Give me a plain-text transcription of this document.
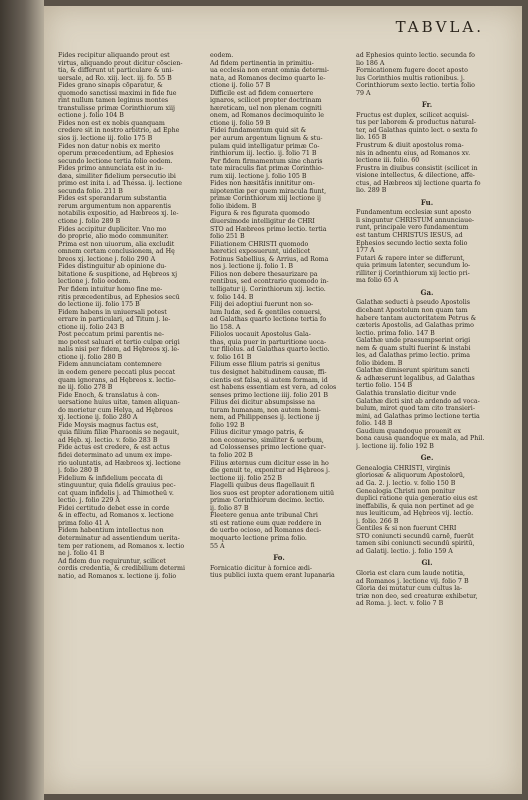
TABVLA.
Fides recipitur aliquando prout est
virtus, aliquando prout dicitur cõscien-
tia, & differunt ut particulare & uni-
uersale, ad Ro. xiij. lect. iij. fo. 55 B
Fides grano sinapis cõparatur, &
quomodo sanctissi maximi in fide fue
rint nullum tamen legimus montes
transtulisse primæ Corinthiorum xiij
ectione j. folio 104 B
Fides non est ex nobis quanquam
credere sit in nostro arbitrio, ad Ephe
sios ij. lectione iij. folio 175 B
Fides non datur nobis ex merito
operum præcedentium, ad Ephesios
secundo lectione tertia folio eodem.
Fides primo annunciata est in iu-
dæa, similiter fidelium persecutio ibi
primo est inita i. ad Thessa. ij. lectione
secunda folio. 211 B
Fides est sperandarum substantia
rerum argumentum non apparentis
notabilis expositio, ad Hæbreos xj. le-
ctione j. folio 289 B
Fides accipitur dupliciter. Vno mo
do proprie, alio modo communiter.
Prima est non uiuorum, alia excludit
omnem certam conclusionem, ad Hę
breos xj. lectione j. folio 290 A
Fides distinguitur ab opinione du-
bitatione & suspitione, ad Hębreos xj
lectione j. folio eodem.
Per fidem intuitur homo fine me-
ritis præcedentibus, ad Ephesios secū
do lectione iij. folio 175 B
Fidem habens in uniuersali potest
errare in particulari, ad Titum j. le-
ctione iij. folio 243 B
Post peccatum primi parentis ne-
mo potest saluari et tertio culpæ origi
nalis nisi per fidem, ad Hębreos xj. le-
ctione ij. folio 280 B
Fidem annunciatam contemnere
in eodem genere peccati plus peccat
quam ignorans, ad Hębreos x. lectio-
ne iij. folio 278 B
Fide Enoch, & translatus à con-
uersatione huius uitæ, tamen aliquan-
do morietur cum Helya, ad Hębreos
xj. lectione ij. folio 280 A
Fide Moysis magnus factus est,
quia filium filiæ Pharaonis se negauit,
ad Hęb. xj. lectio. v. folio 283 B
Fide actus est credere, & est actus
fidei determinato ad unum ex impe-
rio uoluntatis, ad Hæbreos xj. lectione
j. folio 280 B
Fidelium & infidelium peccata di
stinguuntur, quia fidelis grauius pec-
cat quam infidelis j. ad Thimotheū v.
lectio. j. folio 229 A
Fidei certitudo debet esse in corde
& in effectu, ad Romanos x. lectione
prima folio 41 A
Fidem habentium intellectus non
determinatur ad assentiendum uerita-
tem per rationem, ad Romanos x. lectio
ne j. folio 41 B
Ad fidem duo requiruntur, scilicet
cordis credentia, & credibilium determi
natio, ad Romanos x. lectione ij. folio
eodem.
Ad fidem pertinentia in primitiu-
ua ecclesia non erant omnia determi-
nata, ad Romanos decimo quarto le-
ctione ij. folio 57 B
Difficile est ad fidem conuertere
ignaros, scilicet propter doctrinam
hæreticam, uel non plenam cogniti
onem, ad Romanos decimoquinto le
ctione ij. folio 59 B
Fidei fundamentum quid sit &
per aurum argentum lignum & stu-
pulam quid intelligatur primæ Co-
rinthiorum iij. lectio. ij. folio 71 B
Per fidem firmamentum sine charis
tate miraculis fiat primæ Corinthio-
rum xiij. lectione j. folio 105 B
Fides non hæsitātis innititur om-
nipotentiæ per quem miracula fiunt,
primæ Corinthiorum xiij lectione ij
folio ibidem. B
Figura & res figurata quomodo
diuersimode intelligitur de CHRI
STO ad Hæbreos primo lectio. tertia
folio 251 B
Filiationem CHRISTI quomodo
hæretici exposuerunt, uidelicet
Fotinus Sabellius, & Arrius, ad Roma
nos j. lectione ij. folio 1. B
Filios non debere thesaurizare pa
rentibus, sed econtrario quomodo in-
telligatur ij. Corinthiorum xij. lectio.
v. folio 144. B
Filij dei adoptiui fuerunt non so-
lum Iudæ, sed & gentiles conuersi,
ad Galathas quarto lectione tertia fo
lio 158. A
Filiolos uocauit Apostolus Gala-
thas, quia puer in parturitione uoca-
tur filiolus. ad Galathas quarto lectio.
v. folio 161 B
Filium esse filium patris si genitus
tus designet habitudinem causæ, ffi-
cientis est falsa, si autem formam, id
est habens essentiam est vera, ad colos
senses primo lectione iiij. folio 201 B
Filius dei dicitur absumpsisse na
turam humanam, non autem homi-
nem, ad Philippenses ij. lectione ij
folio 192 B
Filius dicitur ymago patris, &
non econuerso, similiter & uerbum,
ad Colossenses primo lectione quar-
ta folio 202 B
Filius æternus cum dicitur esse in ho
die genuit te, exponitur ad Hębreos j.
lectione iij. folio 252 B
Flagelli quibus deus flagellauit fi
lios suos est propter adorationem uitiū
primæ Corinthiorum decimo. lectio.
ij. folio 87 B
Fleetere genua ante tribunal Chri
sti est ratione eum quæ reddere in
de uerbo ocioso, ad Romanos deci-
moquarto lectione prima folio.
55 A
Fo.
Fornicatio dicitur à fornice ædi-
tius publici iuxta quem erant lupanaria
ad Ephesios quinto lectio. secunda fo
lio 186 A
Fornicationem fugere docet aposto
lus Corinthios multis rationibus. j.
Corinthiorum sexto lectio. tertia folio
79 A
Fr.
Fructus est duplex, scilicet acquisi-
tus per laborem & productus natural-
ter, ad Galathas quinto lect. o sexta fo
lio. 165 B
Frustrum & diuit apostolus roma-
nis in adnentu eius, ad Romanos xv.
lectione iii. folio. 60
Frustra in diuibus consistit (scilicet in
visione intellectus, & dilectione, affe-
ctus, ad Hæbreos xij lectione quarta fo
lio. 289 B
Fu.
Fundamentum ecclesiæ sunt aposto
li singuntur CHRISTUM annunciaue-
runt, principale vero fundamentum
est tantum CHRISTUS IESUS, ad
Ephesios secundo lectio sexta folio
177 A
Futari & rapere inter se differunt,
quia primum latenter, secundum lo-
rilliter ij Corinthiorum xij lectio pri-
ma folio 65 A
Ga.
Galathæ seducti à pseudo Apostolis
dicebant Apostolum non quam tam
habere tantam auctoritatem Petrus &
cæteris Apostolis, ad Galathas primo
lectio. prima folio. 147 B
Galathæ unde praesumpserint origi
nem & quam stulti fuerint & instabi
les, ad Galathas primo lectio. prima
folio ibidem. B
Galathæ dimiserunt spiritum sancti
& adhæserunt legalibus, ad Galathas
tertio folio. 154 B
Galathia translatio dicitur vnde
Galathæ dicti sint ab ardendo ad voca-
bulum, mirot quod tam cito transieri-
mini, ad Galathas primo lectione tertia
folio. 148 B
Gaudium quandoque prouenit ex
bona causa quandoque ex mala, ad Phil.
j. lectione iij. folio 192 B
Ge.
Genealogia CHRISTI, virginis
gloriosæ & aliquorum Apostolorū,
ad Ga. 2. j. lectio. v. folio 150 B
Genealogia Christi non ponitur
duplici ratione quia generatio eius est
ineffabilis, & quia non pertinet ad ge
nus leuiticum, ad Hębreos vij. lectio.
j. folio. 266 B
Gentiles & si non fuerunt CHRI
STO coniuncti secundū carnē, fuerūt
tamen sibi coniuncti secundū spiritū,
ad Galatij. lectio. j. folio 159 A
Gl.
Gloria est clara cum laude notitia,
ad Romanos j. lectione vij. folio 7 B
Gloria dei mutatur cum cultus la-
triæ non deo, sed creaturæ exhibetur,
ad Roma. j. lect. v. folio 7 B
